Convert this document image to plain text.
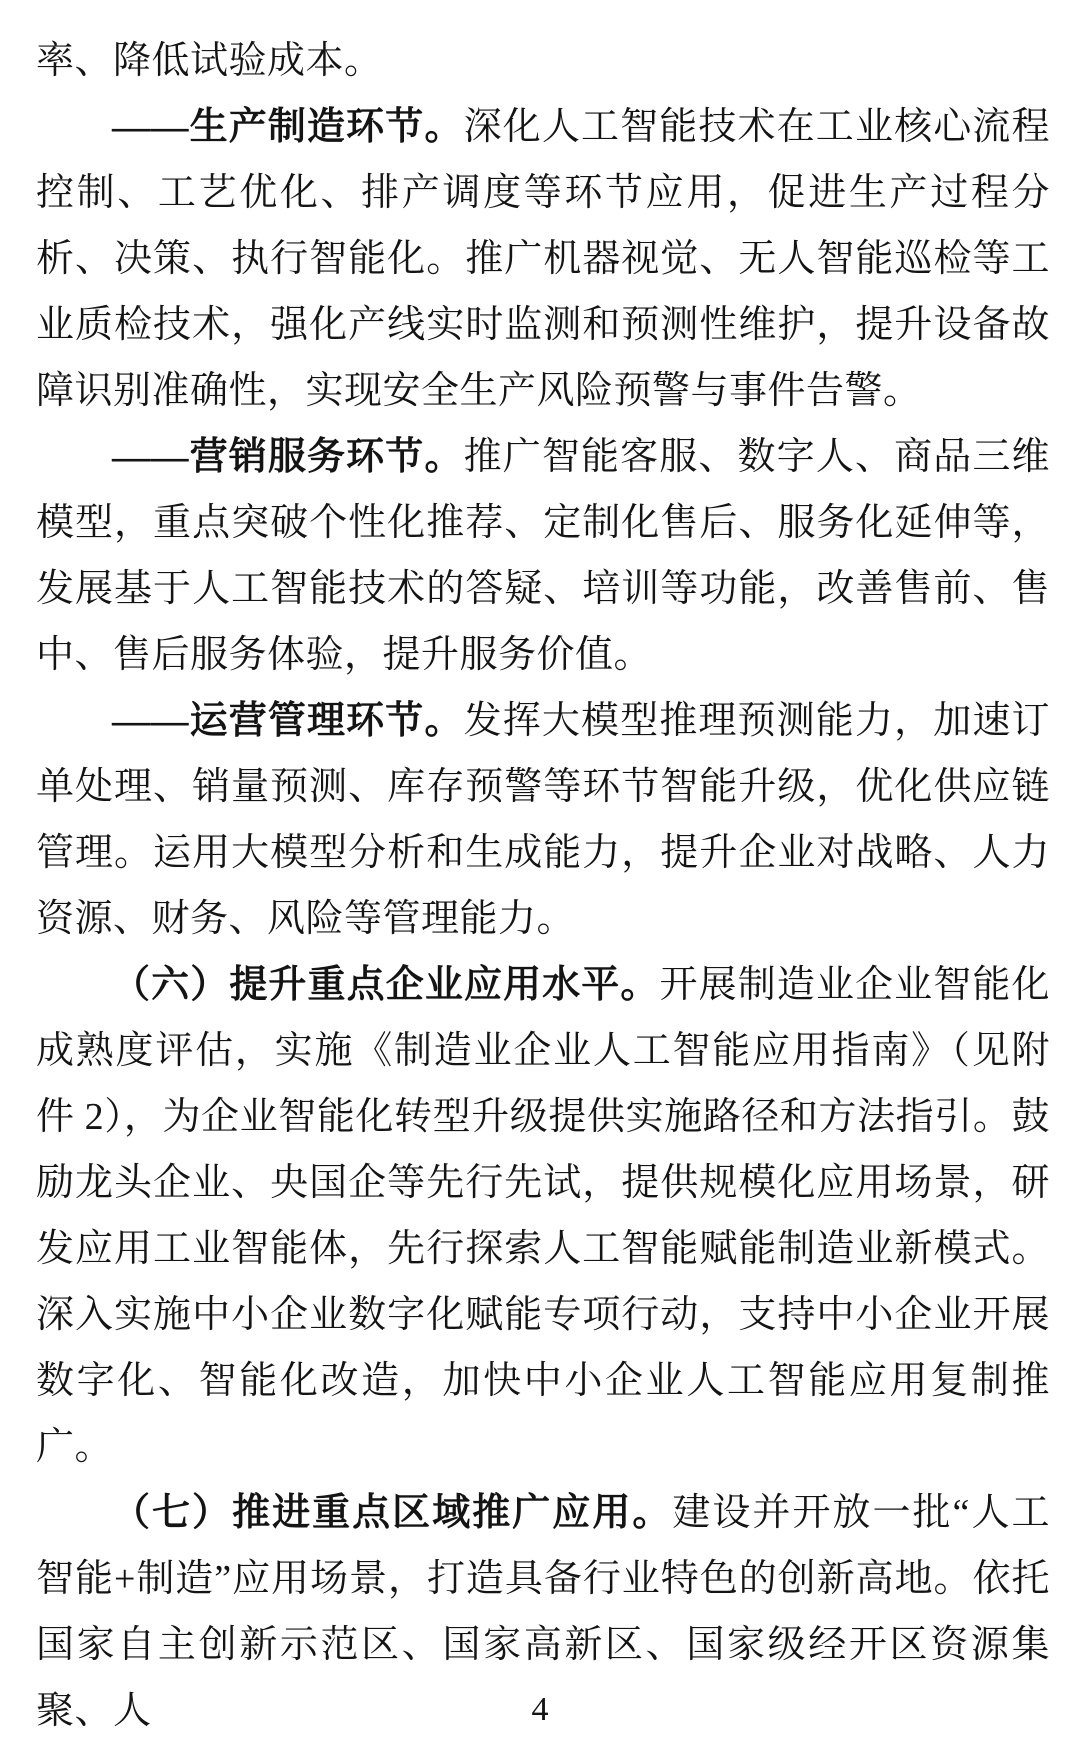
率、降低试验成本。

——生产制造环节。深化人工智能技术在工业核心流程控制、工艺优化、排产调度等环节应用，促进生产过程分析、决策、执行智能化。推广机器视觉、无人智能巡检等工业质检技术，强化产线实时监测和预测性维护，提升设备故障识别准确性，实现安全生产风险预警与事件告警。

——营销服务环节。推广智能客服、数字人、商品三维模型，重点突破个性化推荐、定制化售后、服务化延伸等，发展基于人工智能技术的答疑、培训等功能，改善售前、售中、售后服务体验，提升服务价值。

——运营管理环节。发挥大模型推理预测能力，加速订单处理、销量预测、库存预警等环节智能升级，优化供应链管理。运用大模型分析和生成能力，提升企业对战略、人力资源、财务、风险等管理能力。

（六）提升重点企业应用水平。开展制造业企业智能化成熟度评估，实施《制造业企业人工智能应用指南》（见附件 2），为企业智能化转型升级提供实施路径和方法指引。鼓励龙头企业、央国企等先行先试，提供规模化应用场景，研发应用工业智能体，先行探索人工智能赋能制造业新模式。深入实施中小企业数字化赋能专项行动，支持中小企业开展数字化、智能化改造，加快中小企业人工智能应用复制推广。

（七）推进重点区域推广应用。建设并开放一批“人工智能+制造”应用场景，打造具备行业特色的创新高地。依托国家自主创新示范区、国家高新区、国家级经开区资源集聚、人	4
